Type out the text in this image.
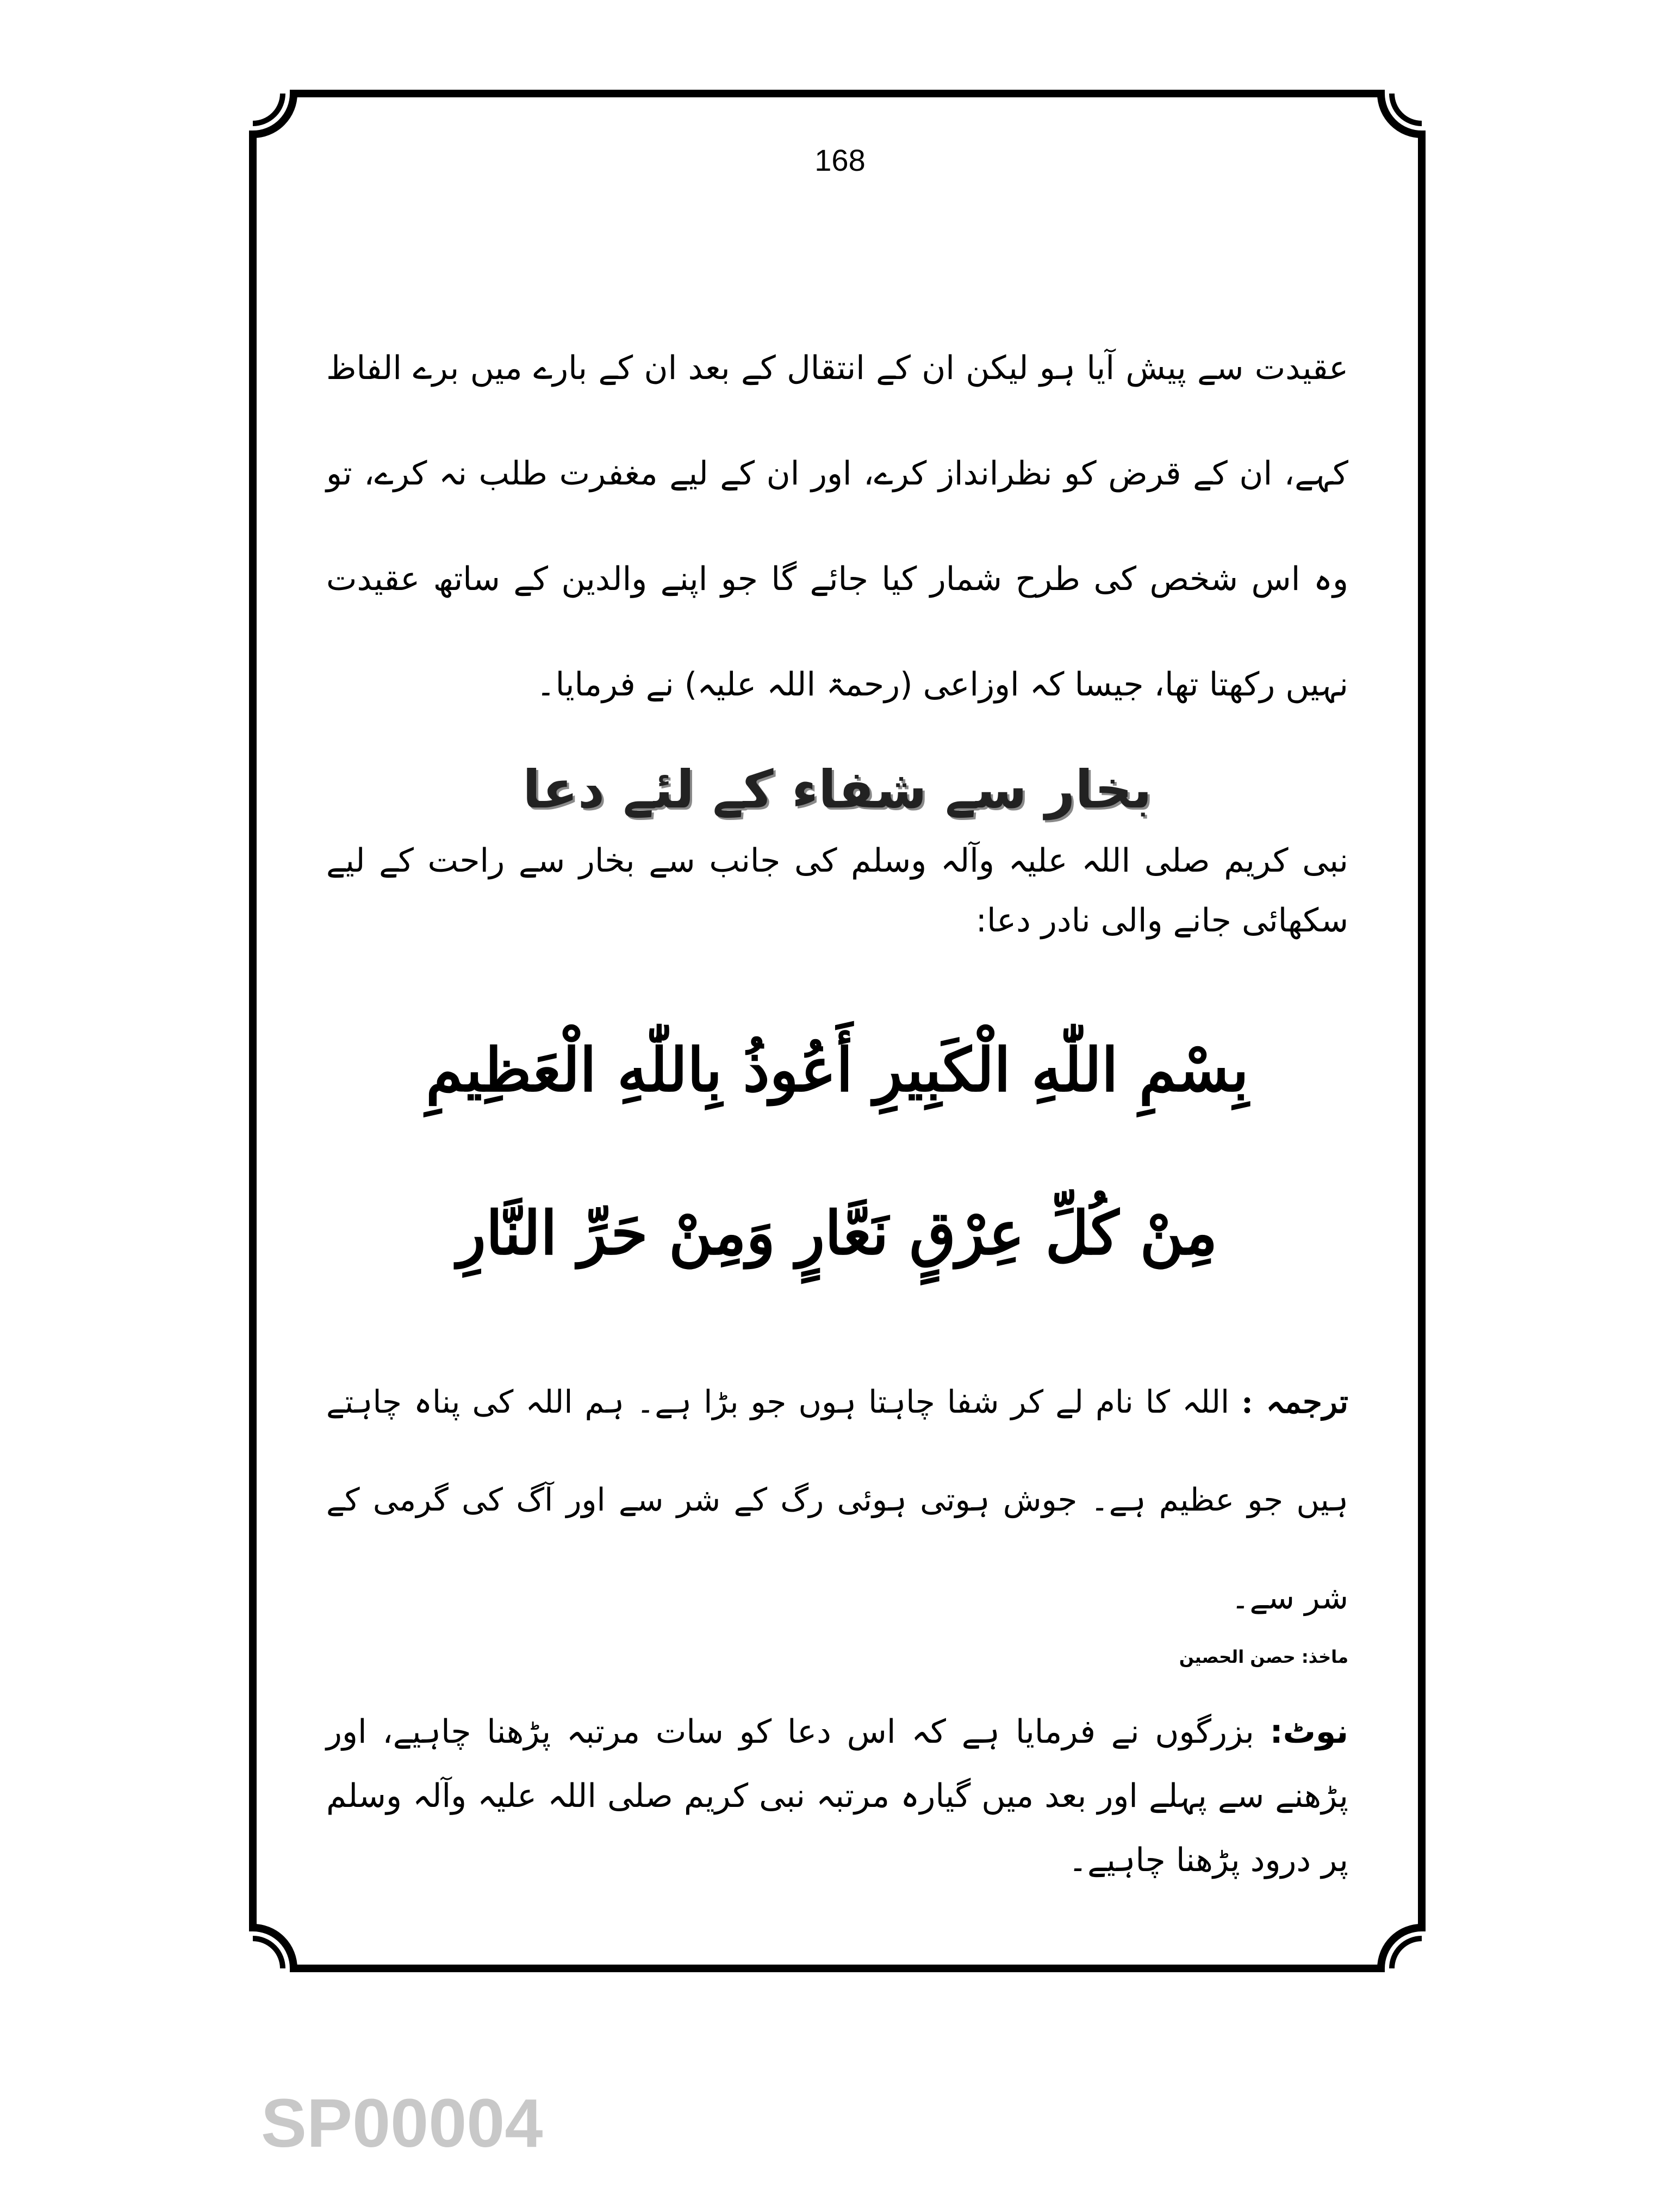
168

عقیدت سے پیش آیا ہو لیکن ان کے انتقال کے بعد ان کے بارے میں برے الفاظ کہے، ان کے قرض کو نظرانداز کرے، اور ان کے لیے مغفرت طلب نہ کرے، تو وہ اس شخص کی طرح شمار کیا جائے گا جو اپنے والدین کے ساتھ عقیدت نہیں رکھتا تھا، جیسا کہ اوزاعی (رحمۃ اللہ علیہ) نے فرمایا۔

بخار سے شفاء کے لئے دعا

نبی کریم صلی اللہ علیہ وآلہ وسلم کی جانب سے بخار سے راحت کے لیے سکھائی جانے والی نادر دعا:

بِسْمِ اللّٰهِ الْكَبِيرِ أَعُوذُ بِاللّٰهِ الْعَظِيمِ

مِنْ كُلِّ عِرْقٍ نَعَّارٍ وَمِنْ حَرِّ النَّارِ

ترجمہ : اللہ کا نام لے کر شفا چاہتا ہوں جو بڑا ہے۔ ہم اللہ کی پناہ چاہتے ہیں جو عظیم ہے۔ جوش ہوتی ہوئی رگ کے شر سے اور آگ کی گرمی کے شر سے۔

ماخذ: حصن الحصین

نوٹ: بزرگوں نے فرمایا ہے کہ اس دعا کو سات مرتبہ پڑھنا چاہیے، اور پڑھنے سے پہلے اور بعد میں گیارہ مرتبہ نبی کریم صلی اللہ علیہ وآلہ وسلم پر درود پڑھنا چاہیے۔

SP00004
